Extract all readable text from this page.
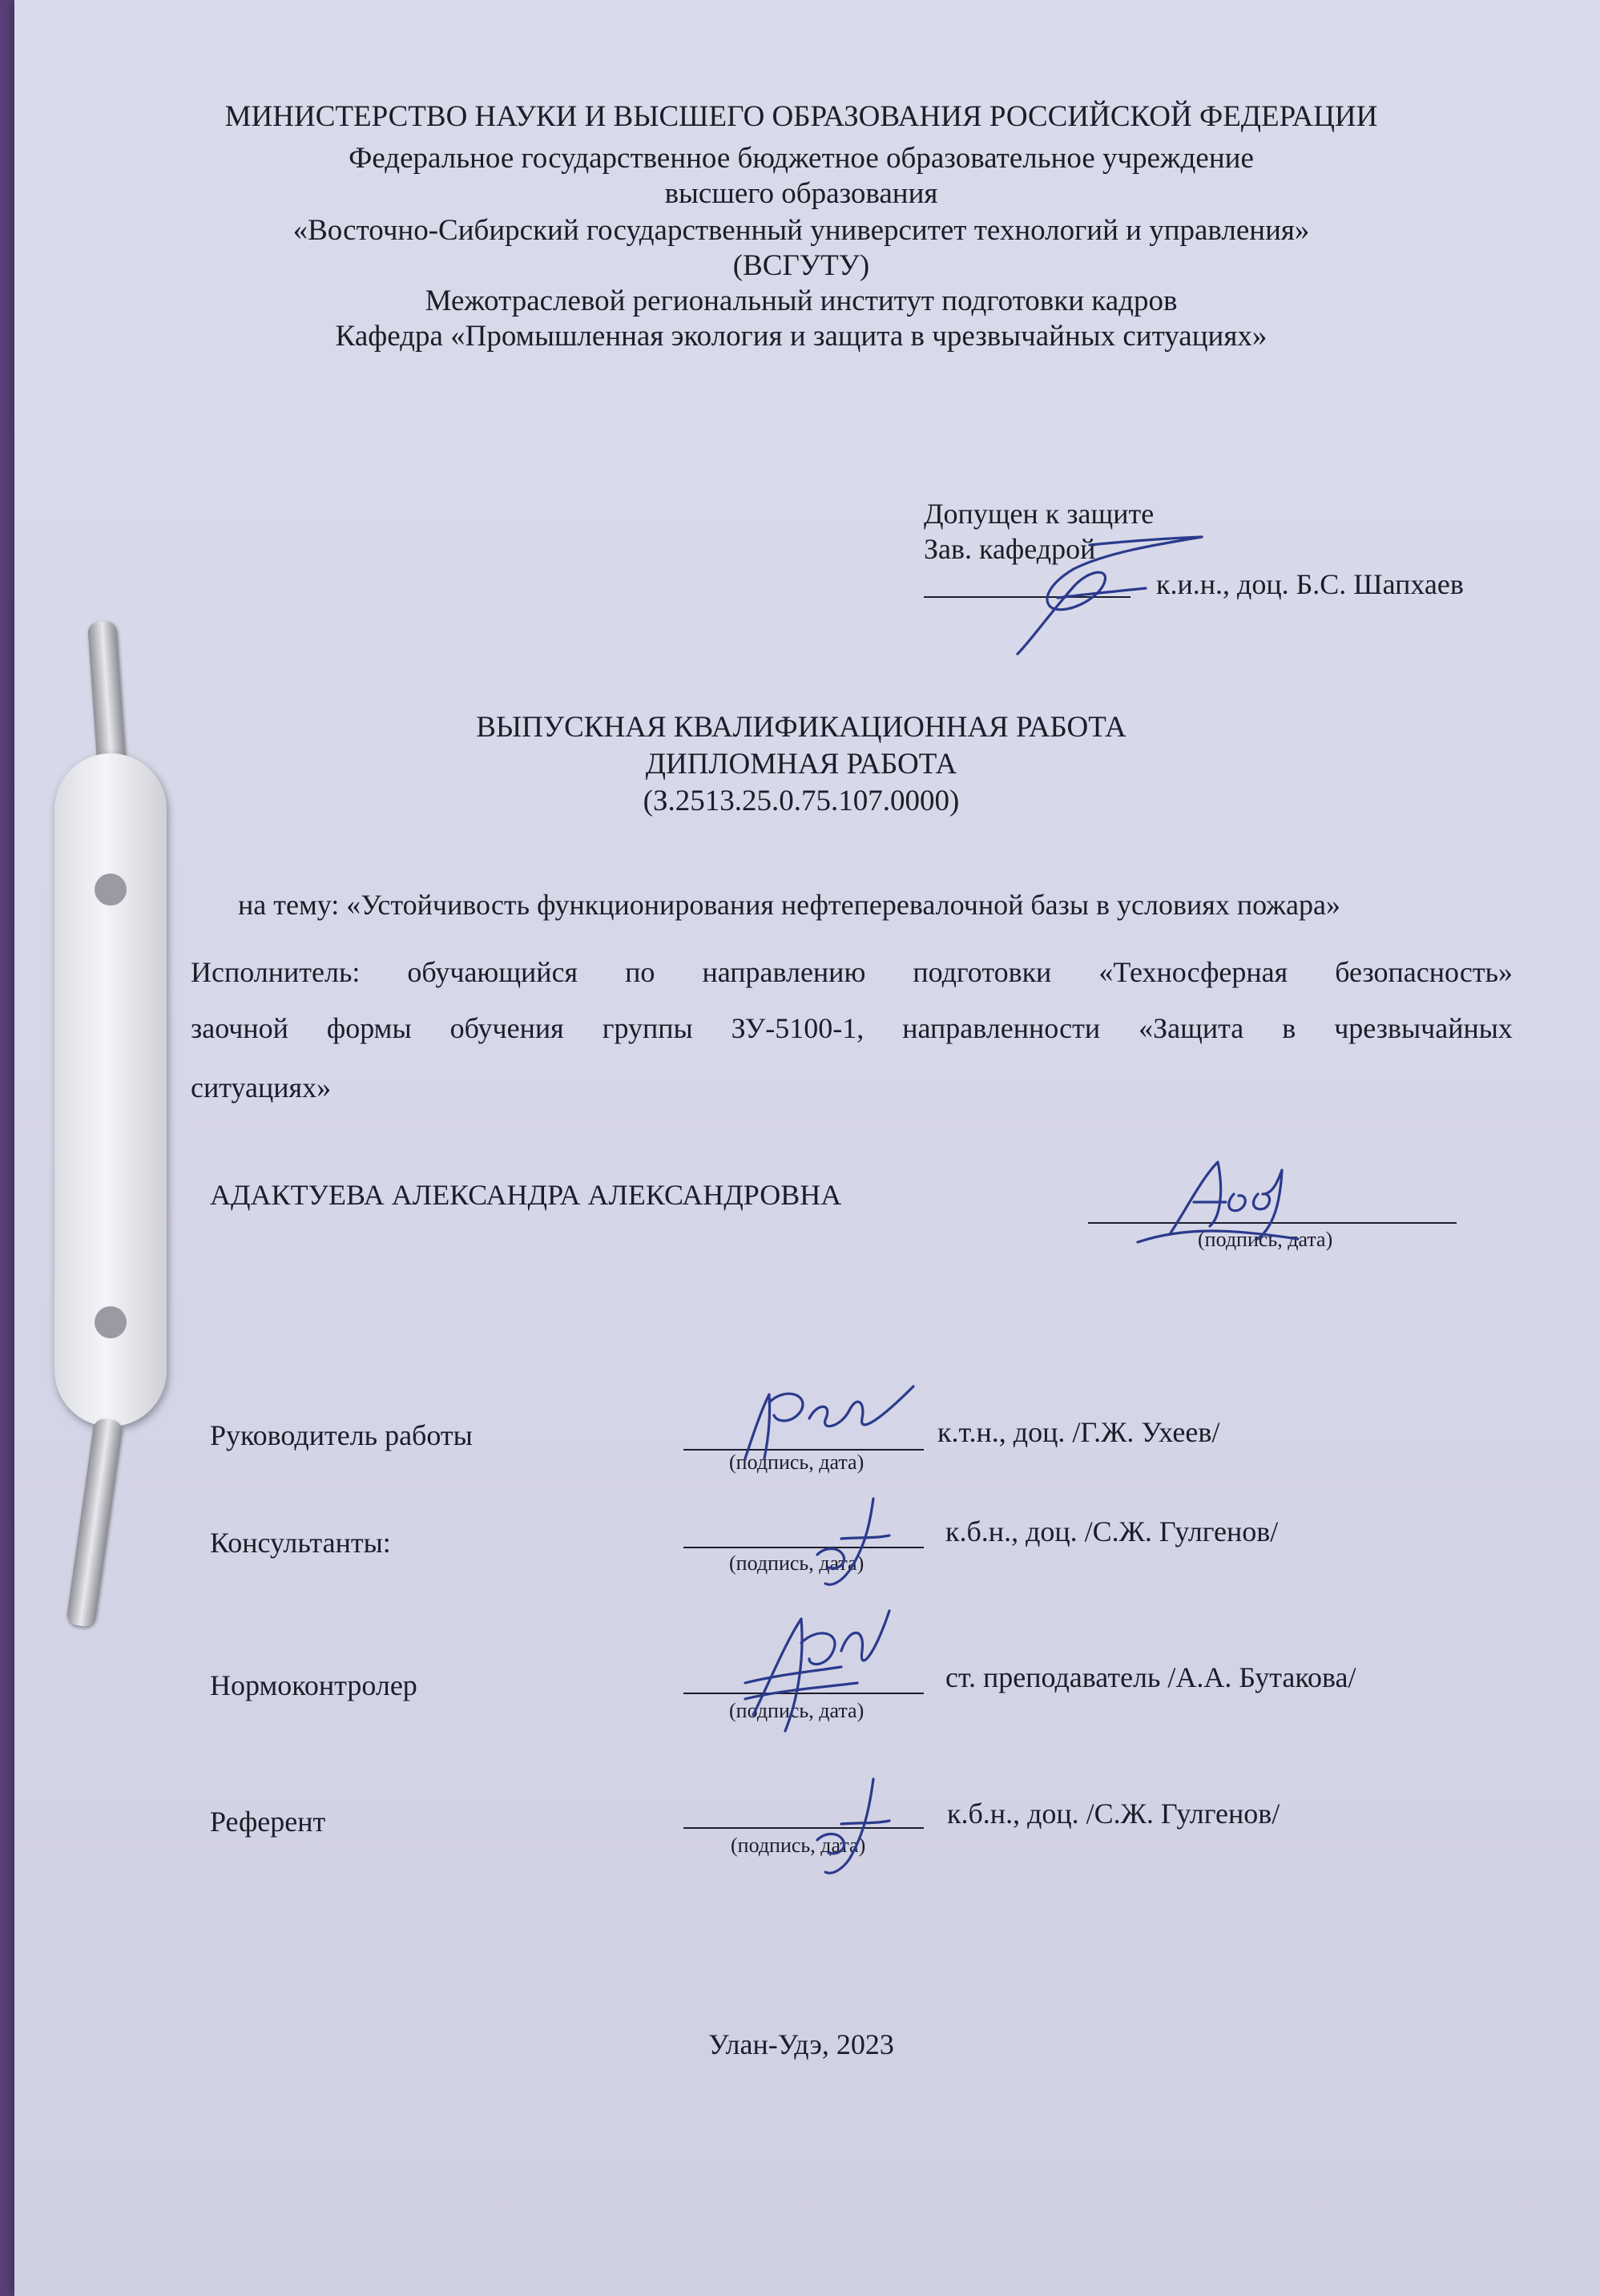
МИНИСТЕРСТВО НАУКИ И ВЫСШЕГО ОБРАЗОВАНИЯ РОССИЙСКОЙ ФЕДЕРАЦИИ
Федеральное государственное бюджетное образовательное учреждение
высшего образования
«Восточно-Сибирский государственный университет технологий и управления»
(ВСГУТУ)
Межотраслевой региональный институт подготовки кадров
Кафедра «Промышленная экология и защита в чрезвычайных ситуациях»
Допущен к защите
Зав. кафедрой
к.и.н., доц. Б.С. Шапхаев
ВЫПУСКНАЯ КВАЛИФИКАЦИОННАЯ РАБОТА
ДИПЛОМНАЯ РАБОТА
(З.2513.25.0.75.107.0000)
на тему: «Устойчивость функционирования нефтеперевалочной базы в условиях пожара»
Исполнитель: обучающийся по направлению подготовки «Техносферная безопасность»
заочной формы обучения группы ЗУ-5100-1, направленности «Защита в чрезвычайных
ситуациях»
АДАКТУЕВА АЛЕКСАНДРА АЛЕКСАНДРОВНА
(подпись, дата)
Руководитель работы
(подпись, дата)
к.т.н., доц. /Г.Ж. Ухеев/
Консультанты:
(подпись, дата)
к.б.н., доц. /С.Ж. Гулгенов/
Нормоконтролер
(подпись, дата)
ст. преподаватель /А.А. Бутакова/
Референт
(подпись, дата)
к.б.н., доц. /С.Ж. Гулгенов/
Улан-Удэ, 2023
